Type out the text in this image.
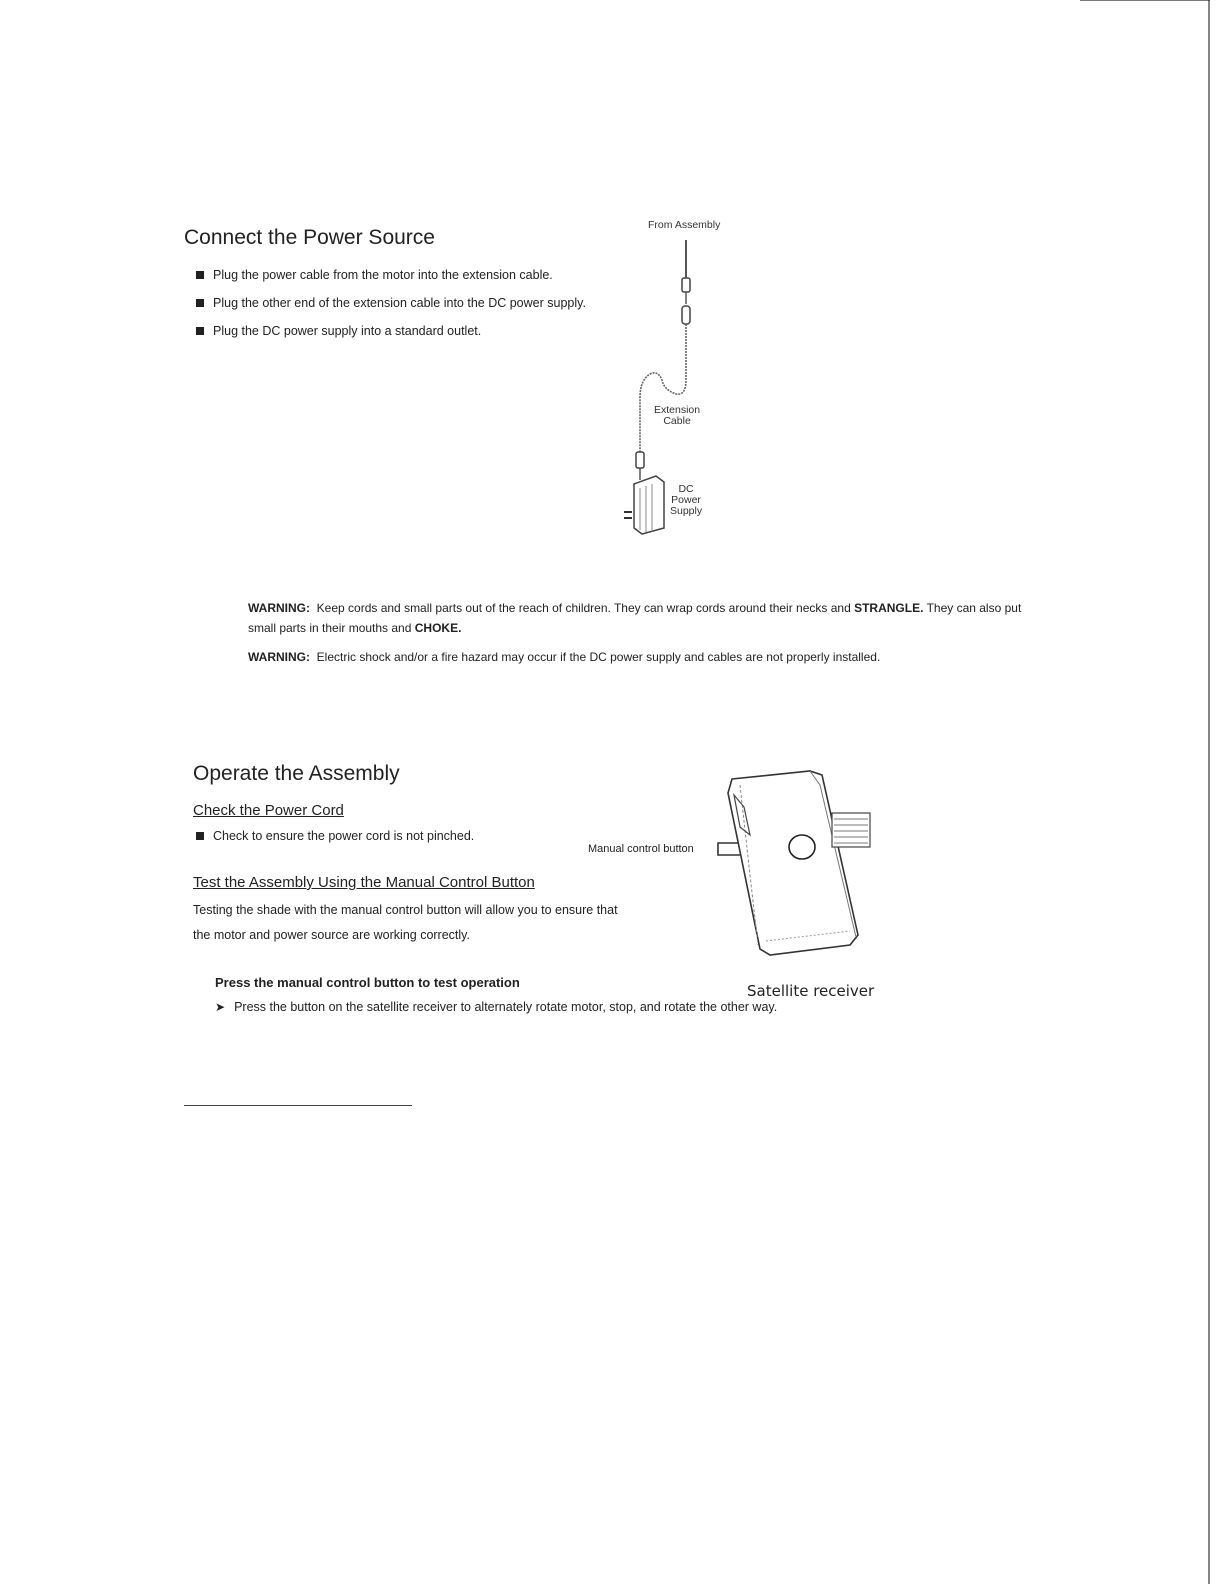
Connect the Power Source
Plug the power cable from the motor into the extension cable.
Plug the other end of the extension cable into the DC power supply.
Plug the DC power supply into a standard outlet.
From Assembly
Extension
Cable
DC
Power
Supply
WARNING: Keep cords and small parts out of the reach of children. They can wrap cords around their necks and STRANGLE. They can also put small parts in their mouths and CHOKE.
WARNING: Electric shock and/or a fire hazard may occur if the DC power supply and cables are not properly installed.
Operate the Assembly
Check the Power Cord
Check to ensure the power cord is not pinched.
Test the Assembly Using the Manual Control Button
Testing the shade with the manual control button will allow you to ensure that
the motor and power source are working correctly.
Press the manual control button to test operation
➤ Press the button on the satellite receiver to alternately rotate motor, stop, and rotate the other way.
Manual control button
Satellite receiver
